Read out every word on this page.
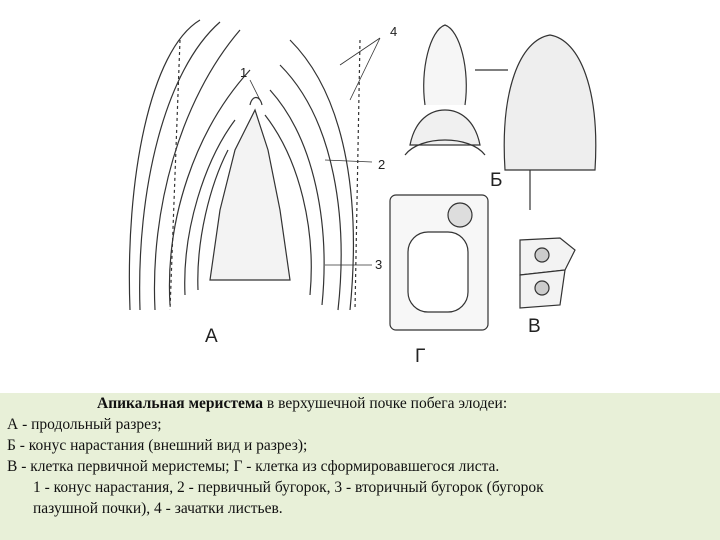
4
1
2
3
А
Б
В
Г

Апикальная меристема в верхушечной почке побега элодеи:

А - продольный разрез;

Б - конус нарастания (внешний вид и разрез);

В - клетка первичной меристемы; Г - клетка из сформировавшегося листа.

1 - конус нарастания, 2 - первичный бугорок, 3 - вторичный бугорок (бугорок

пазушной почки), 4 - зачатки листьев.
